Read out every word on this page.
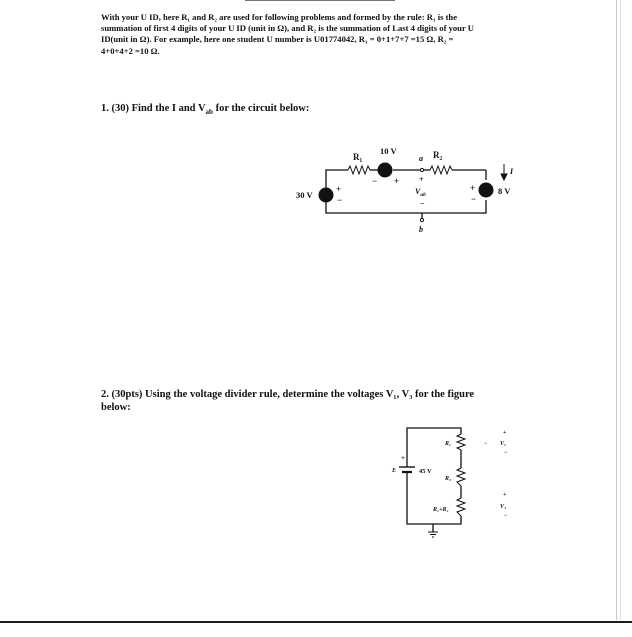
With your U ID, here R₁ and R₂ are used for following problems and formed by the rule: R₁ is the
summation of first 4 digits of your U ID (unit in Ω), and R₂ is the summation of Last 4 digits of your U
ID(unit in Ω). For example, here one student U number is U01774042, R₁ = 0+1+7+7 =15 Ω, R₂ =
4+0+4+2 =10 Ω.
1. (30) Find the I and $V_{ab}$ for the circuit below:
R₁	R₂
10 V
− +
a
b
+
$V_{ab}$
−
30 V
+
−
8 V
+
−
I
2. (30pts) Using the voltage divider rule, determine the voltages V₁, V₃ for the figure
below:
+
E	45 V
R₁
R₂
R₁+R₂
+
V₁
−
−
+
V₃
−
